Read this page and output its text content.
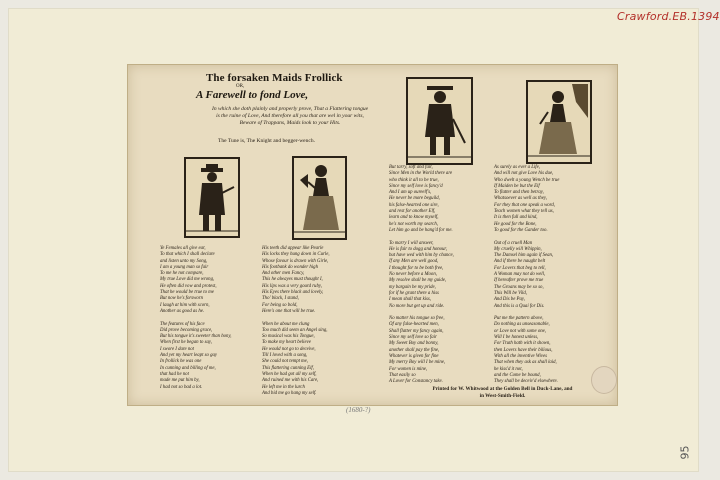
Crawford.EB.1394
95
The forsaken Maids Frollick
OR,
A Farewell to fond Love,
In which she doth plainly and properly prove, That a Flattering tongue is the ruine of Love, And therefore all you that are wel in your wits, Beware of Trappans, Maids look to your Hits.
The Tune is, The Knight and begger-wench.
Ye Females all give ear,
To that which I shall declare
and listen unto my Song,
I am a young man so fair
To me he not compare,
My true Love did me wrong,
He often did vow and protest,
That he would be true to me
But now he's forsworn
I laugh at him with scorn,
Another as good as he.
The features of his face
Did prove becoming grace,
But his tongue it's sweeter than hony,
When first he began to say,
I swore I dare not
And yet my heart leapt so gay
In frollick he was one
In cunning and billing of me,
that had he not
made me put him by,
I had not so bad a lot.
His teeth did appear like Pearle
His locks they hung down in Curle,
Whose favour is drawn with Girle,
His footbank do wonder high
And other men Fancy,
This he alwayes must thought I,
His lips was a very gourd ruby,
His Eyes there black and lovely,
Tho' black, I stand,
For being so bold,
Here's one that will be true.
When he about me clung
Too much did seem an Angel sing,
So musical was his Tongue,
To make my heart believe
He would not go to deceive,
Till I loved with a song,
She could not tempt me,
This flattering cunning Elf,
When he had got all my self,
And ruined me with his Care,
He left me in the lurch
And bid me go hang my self.
But tarry, soft and fair,
Since Men in the World there are
who think it all to be true,
Since my self love is fancy'd
And I am up oureelf's,
He never be more beguild,
his false-hearted one sire,
and rest for another Elf,
learn and to know myself,
he's not worth my search,
Let him go and be hang'd for me.
To marry I will answer,
He is fair to dogg and honour,
but have wed with him by chance,
If any Men are well good,
I thought for to be both free,
No never before a Moon,
My resolve shall be my guide,
my bargain be my pride,
for if he grant there a hiss
I mean shall that kiss,
No more but get up and ride.
No matter his tongue so free,
Of any false-hearted men,
Shall flatter my fancy again,
Since my self love so fair
My Sweet Boy and bonny,
another shall pay the fine,
Whatever is given for fine
My merry Boy will I be mine,
For women is mine,
That easily so
A Lover for Constancy take.
As surely as ever a Life,
And will not give Love his due,
Who dwelt a young Wench be true
If Maiden be but the Elf
To flatter and then betray,
Whatsoever as well as they,
For they that one speak a word,
Teach women what they tell us,
It is then full and kind,
He good for the Bone,
To good for the Gander too.
Out of a cruell Man
My cruelly will Whippin,
The Damsel him again if Sean,
And if there be naught belt
For Lovers that beg to tell,
A Woman may not do well,
If hereafter prove me true
The Groans may be so so,
This Will be Vild,
And Dis be Pay,
And this is a Quai for Dis.
Put me the pattern above,
Do nothing as unseasonable,
or Love not with some one,
Will I be honest unless,
For Truth hath with it shown,
then Lovers have their bilious,
With all the inventive Wives
That when they ask as shall laid,
he kiss'd it not,
and the Come be bound,
They shall be deceiv'd elsewhere.
Printed for W. Whitwood at the Golden Bell in Duck-Lane, and
in West-Smith-Field.
(1680-?)
